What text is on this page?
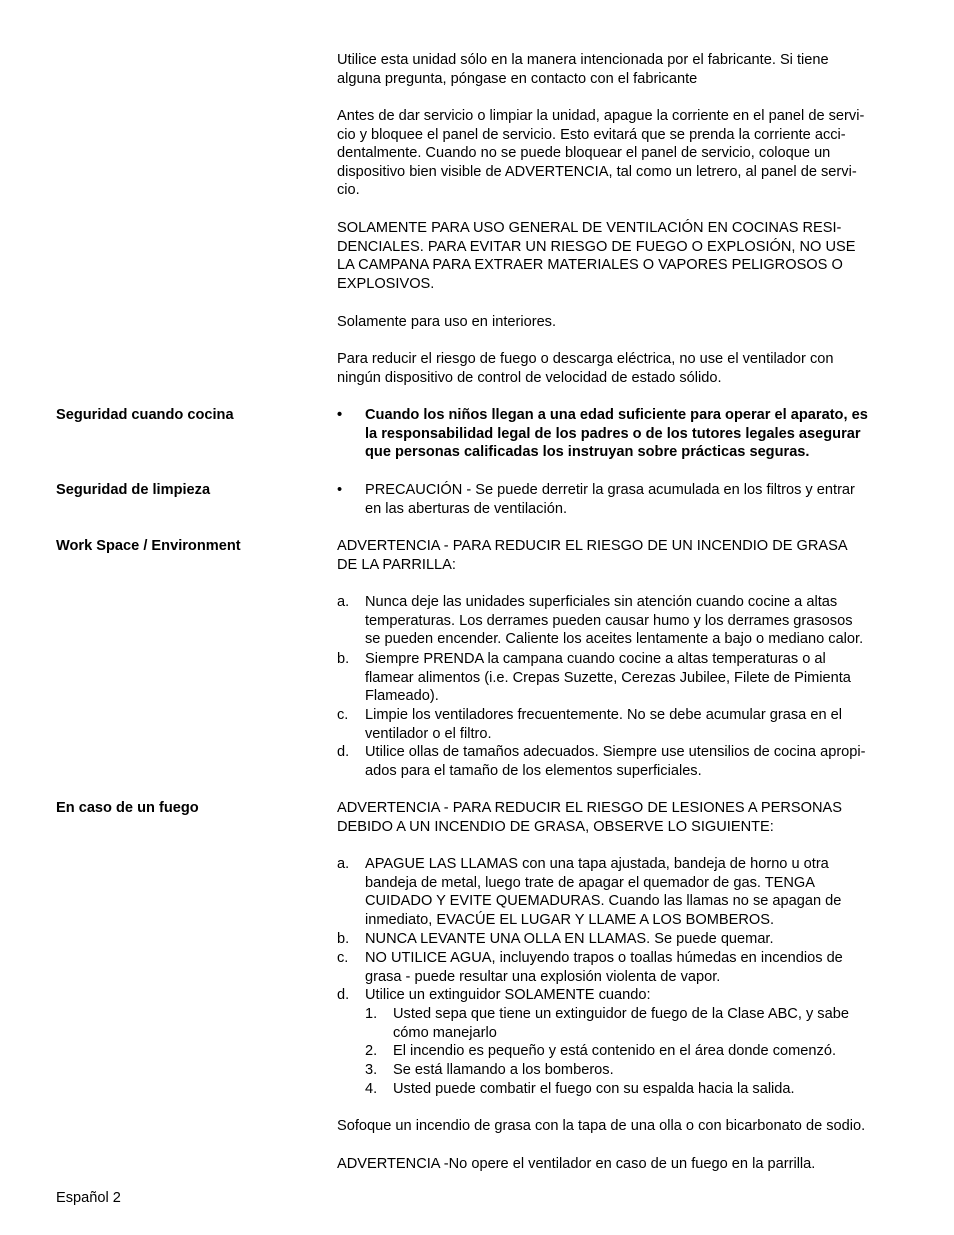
Utilice esta unidad sólo en la manera intencionada por el fabricante. Si tiene
alguna pregunta, póngase en contacto con el fabricante
Antes de dar servicio o limpiar la unidad, apague la corriente en el panel de servi-
cio y bloquee el panel de servicio. Esto evitará que se prenda la corriente acci-
dentalmente. Cuando no se puede bloquear el panel de servicio, coloque un
dispositivo bien visible de ADVERTENCIA, tal como un letrero, al panel de servi-
cio.
SOLAMENTE PARA USO GENERAL DE VENTILACIÓN EN COCINAS RESI-
DENCIALES. PARA EVITAR UN RIESGO DE FUEGO O EXPLOSIÓN, NO USE
LA CAMPANA PARA EXTRAER MATERIALES O VAPORES PELIGROSOS O
EXPLOSIVOS.
Solamente para uso en interiores.
Para reducir el riesgo de fuego o descarga eléctrica, no use el ventilador con
ningún dispositivo de control de velocidad de estado sólido.
Seguridad cuando cocina	• Cuando los niños llegan a una edad suficiente para operar el aparato, es
la responsabilidad legal de los padres o de los tutores legales asegurar
que personas calificadas los instruyan sobre prácticas seguras.
Seguridad de limpieza	• PRECAUCIÓN - Se puede derretir la grasa acumulada en los filtros y entrar
en las aberturas de ventilación.
Work Space / Environment	ADVERTENCIA - PARA REDUCIR EL RIESGO DE UN INCENDIO DE GRASA
DE LA PARRILLA:
a. Nunca deje las unidades superficiales sin atención cuando cocine a altas
temperaturas. Los derrames pueden causar humo y los derrames grasosos
se pueden encender. Caliente los aceites lentamente a bajo o mediano calor.
b. Siempre PRENDA la campana cuando cocine a altas temperaturas o al
flamear alimentos (i.e. Crepas Suzette, Cerezas Jubilee, Filete de Pimienta
Flameado).
c. Limpie los ventiladores frecuentemente. No se debe acumular grasa en el
ventilador o el filtro.
d. Utilice ollas de tamaños adecuados. Siempre use utensilios de cocina apropi-
ados para el tamaño de los elementos superficiales.
En caso de un fuego	ADVERTENCIA - PARA REDUCIR EL RIESGO DE LESIONES A PERSONAS
DEBIDO A UN INCENDIO DE GRASA, OBSERVE LO SIGUIENTE:
a. APAGUE LAS LLAMAS con una tapa ajustada, bandeja de horno u otra
bandeja de metal, luego trate de apagar el quemador de gas. TENGA
CUIDADO Y EVITE QUEMADURAS. Cuando las llamas no se apagan de
inmediato, EVACÚE EL LUGAR Y LLAME A LOS BOMBEROS.
b. NUNCA LEVANTE UNA OLLA EN LLAMAS. Se puede quemar.
c. NO UTILICE AGUA, incluyendo trapos o toallas húmedas en incendios de
grasa - puede resultar una explosión violenta de vapor.
d. Utilice un extinguidor SOLAMENTE cuando:
1. Usted sepa que tiene un extinguidor de fuego de la Clase ABC, y sabe
cómo manejarlo
2. El incendio es pequeño y está contenido en el área donde comenzó.
3. Se está llamando a los bomberos.
4. Usted puede combatir el fuego con su espalda hacia la salida.
Sofoque un incendio de grasa con la tapa de una olla o con bicarbonato de sodio.
ADVERTENCIA -No opere el ventilador en caso de un fuego en la parrilla.
Español 2
